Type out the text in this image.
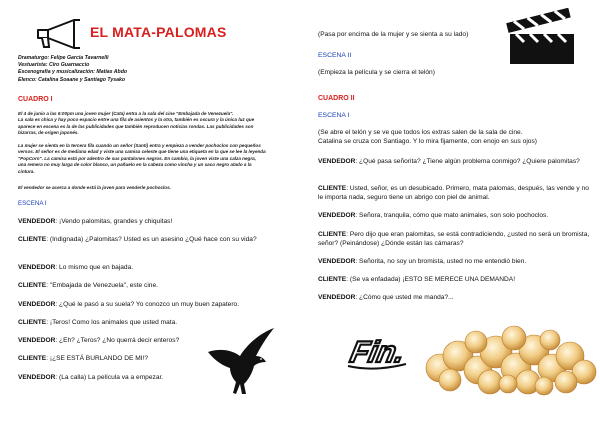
EL MATA-PALOMAS
Dramaturgo: Felipe Garcia Tavarnelli
Vestuarista: Ciro Guarnaccio
Escenografía y musicalización: Matías Abdo
Elenco: Catalina Soaane y Santiago Tysako
CUADRO I
El 4 de junio a las 6:00pm una joven mujer (Cata) entra a la sala del cine "Embajada de Venezuela".
La sala es chica y hay poco espacio entre una fila de asientos y la otra, también es oscura y la única luz que
aparece en escena es la de las publicidades que también reproducen noticias rondas. Las publicidades son
bizarras, de origen japonés.
La mujer se sienta en la tercera fila cuando un señor (Santi) entra y empieza a vender pochoclos con pequeños
versos. El señor es de mediana edad y viste una camisa celeste que tiene una etiqueta en la que se lee la leyenda
"PopCorn". La camisa está por adentro de sus pantalones negros. En cambio, la joven viste una calza negra,
una remera no muy larga de color blanco, un pañuelo en la cabeza como vincha y un saco negro atado a la
cintura.
El vendedor se acerca a donde está la joven para venderle pochoclos.
ESCENA I
VENDEDOR: ¡Vendo palomitas, grandes y chiquitas!
CLIENTE: (Indignada) ¿Palomitas? Usted es un asesino ¿Qué hace con su vida?
VENDEDOR: Lo mismo que en bajada.
CLIENTE: "Embajada de Venezuela", este cine.
VENDEDOR: ¿Qué le pasó a su suela? Yo conozco un muy buen zapatero.
CLIENTE: ¡Teros! Como los animales que usted mata.
VENDEDOR: ¿Eh? ¿Teros? ¿No querrá decir enteros?
CLIENTE: ¡¿SE ESTÁ BURLANDO DE MI!?
VENDEDOR: (La calla) La película va a empezar.
(Pasa por encima de la mujer y se sienta a su lado)
ESCENA II
(Empieza la película y se cierra el telón)
CUADRO II
ESCENA I
(Se abre el telón y se ve que todos los extras salen de la sala de cine.
Catalina se cruza con Santiago. Y lo mira fijamente, con enojo en sus ojos)
VENDEDOR: ¿Qué pasa señorita? ¿Tiene algún problema conmigo? ¿Quiere palomitas?
CLIENTE: Usted, señor, es un desubicado. Primero, mata palomas, después, las vende y no le importa nada, seguro tiene un abrigo con piel de animal.
VENDEDOR: Señora, tranquila, cómo que mato animales, son solo pochoclos.
CLIENTE: Pero dijo que eran palomitas, se está contradiciendo, ¿usted no será un bromista, señor? (Peinándose) ¿Dónde están las cámaras?
VENDEDOR: Señorita, no soy un bromista, usted no me entendió bien.
CLIENTE: (Se va enfadada) ¡ESTO SE MERECE UNA DEMANDA!
VENDEDOR: ¿Cómo que usted me manda?...
Fin.
